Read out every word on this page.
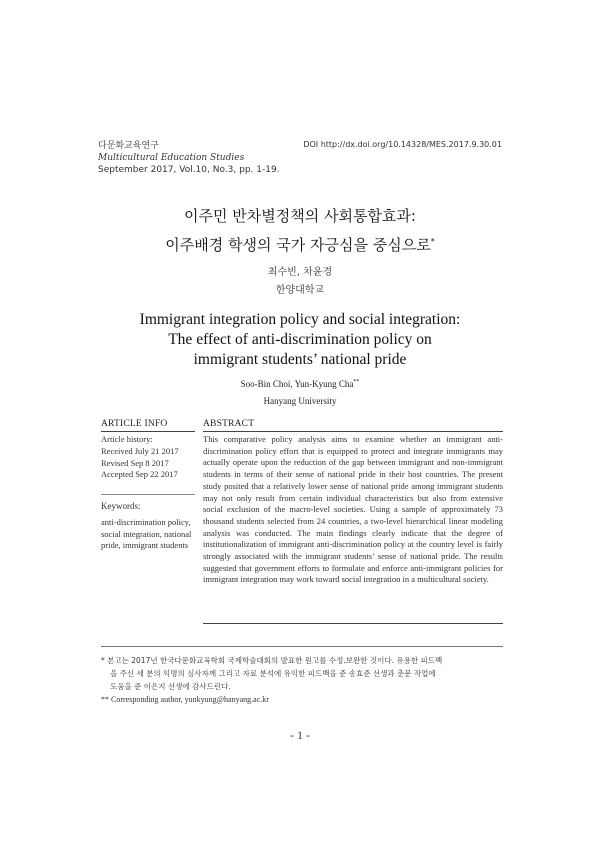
다문화교육연구
Multicultural Education Studies
September 2017, Vol.10, No.3, pp. 1-19.
DOI http://dx.doi.org/10.14328/MES.2017.9.30.01
이주민 반차별정책의 사회통합효과:
이주배경 학생의 국가 자긍심을 중심으로*
최수빈, 차윤경
한양대학교
Immigrant integration policy and social integration:
The effect of anti-discrimination policy on
immigrant students’ national pride
Soo-Bin Choi, Yun-Kyung Cha**
Hanyang University
ARTICLE INFO	ABSTRACT
Article history:
Received July 21 2017
Revised Sep 8 2017
Accepted Sep 22 2017
Keywords:
anti-discrimination policy, social integration, national pride, immigrant students
This comparative policy analysis aims to examine whether an immigrant anti-discrimination policy effort that is equipped to protect and integrate immigrants may actually operate upon the reduction of the gap between immigrant and non-immigrant students in terms of their sense of national pride in their host countries. The present study posited that a relatively lower sense of national pride among immigrant students may not only result from certain individual characteristics but also from extensive social exclusion of the macro-level societies. Using a sample of approximately 73 thousand students selected from 24 countries, a two-level hierarchical linear modeling analysis was conducted. The main findings clearly indicate that the degree of institutionalization of immigrant anti-discrimination policy at the country level is fairly strongly associated with the immigrant students’ sense of national pride. The results suggested that government efforts to formulate and enforce anti-immigrant policies for immigrant integration may work toward social integration in a multicultural society.
* 본고는 2017년 한국다문화교육학회 국제학술대회의 발표한 원고를 수정.보완한 것이다. 유용한 피드백
을 주신 세 분의 익명의 심사자께 그리고 자료 분석에 유익한 피드백을 준 송효준 선생과 춘문 작업에
도움을 준 이은지 선생에 감사드린다.
** Corresponding author, yunkyung@hanyang.ac.kr
- 1 -
